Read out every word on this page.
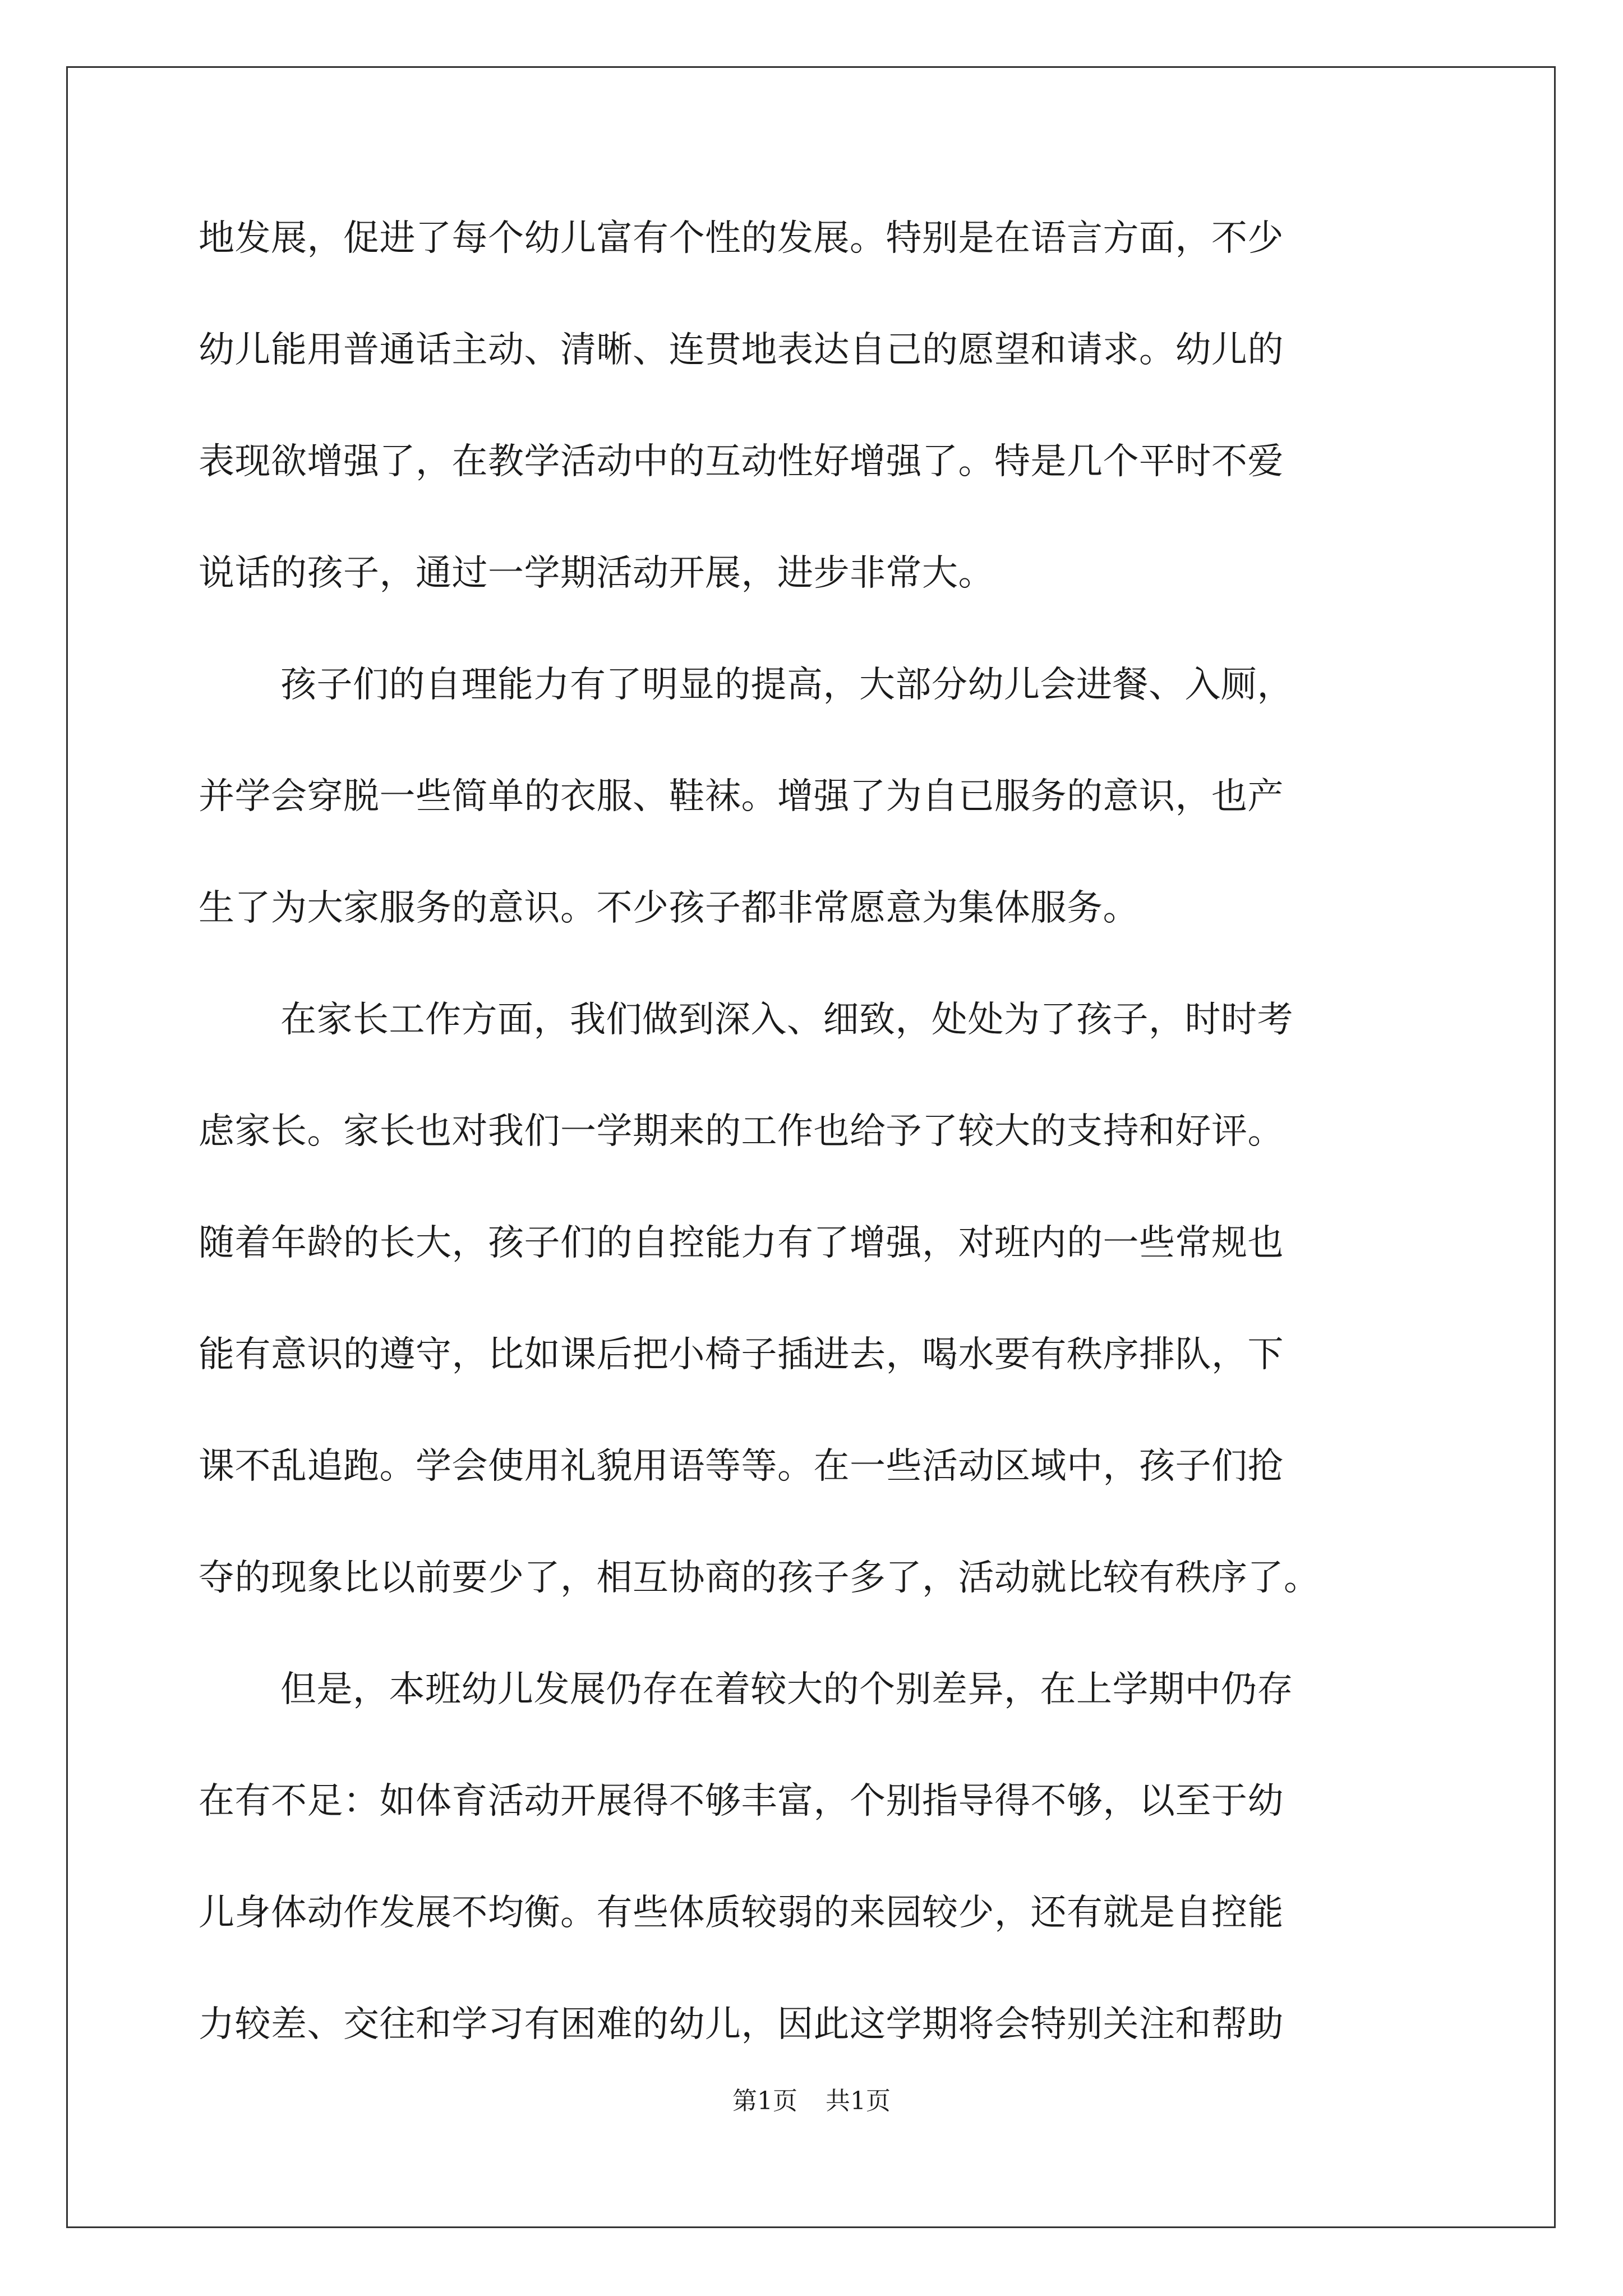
地发展，促进了每个幼儿富有个性的发展。特别是在语言方面，不少

幼儿能用普通话主动、清晰、连贯地表达自己的愿望和请求。幼儿的

表现欲增强了，在教学活动中的互动性好增强了。特是几个平时不爱

说话的孩子，通过一学期活动开展，进步非常大。

孩子们的自理能力有了明显的提高，大部分幼儿会进餐、入厕，

并学会穿脱一些简单的衣服、鞋袜。增强了为自已服务的意识，也产

生了为大家服务的意识。不少孩子都非常愿意为集体服务。

在家长工作方面，我们做到深入、细致，处处为了孩子，时时考

虑家长。家长也对我们一学期来的工作也给予了较大的支持和好评。

随着年龄的长大，孩子们的自控能力有了增强，对班内的一些常规也

能有意识的遵守，比如课后把小椅子插进去，喝水要有秩序排队，下

课不乱追跑。学会使用礼貌用语等等。在一些活动区域中，孩子们抢

夺的现象比以前要少了，相互协商的孩子多了，活动就比较有秩序了。

但是，本班幼儿发展仍存在着较大的个别差异，在上学期中仍存

在有不足：如体育活动开展得不够丰富，个别指导得不够，以至于幼

儿身体动作发展不均衡。有些体质较弱的来园较少，还有就是自控能

力较差、交往和学习有困难的幼儿，因此这学期将会特别关注和帮助

第1页 共1页
